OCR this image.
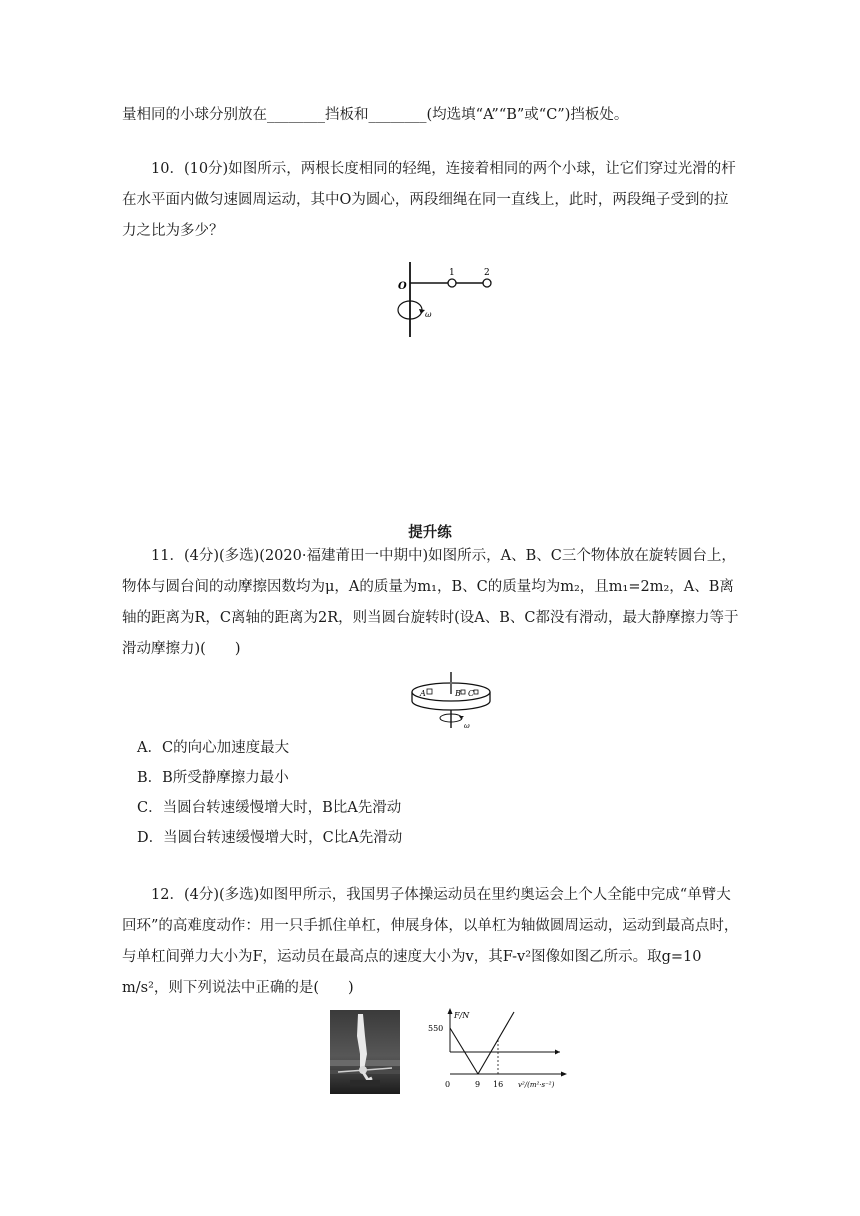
量相同的小球分别放在________挡板和________(均选填“A”“B”或“C”)挡板处。

10．(10分)如图所示，两根长度相同的轻绳，连接着相同的两个小球，让它们穿过光滑的杆在水平面内做匀速圆周运动，其中O为圆心，两段细绳在同一直线上，此时，两段绳子受到的拉力之比为多少？

O
1	2
ω
提升练

11．(4分)(多选)(2020·福建莆田一中期中)如图所示，A、B、C三个物体放在旋转圆台上，物体与圆台间的动摩擦因数均为μ，A的质量为m₁，B、C的质量均为m₂，且m₁=2m₂，A、B离轴的距离为R，C离轴的距离为2R，则当圆台旋转时(设A、B、C都没有滑动，最大静摩擦力等于滑动摩擦力)(　　)

A	B C
ω
A．C的向心加速度最大
B．B所受静摩擦力最小
C．当圆台转速缓慢增大时，B比A先滑动
D．当圆台转速缓慢增大时，C比A先滑动

12．(4分)(多选)如图甲所示，我国男子体操运动员在里约奥运会上个人全能中完成“单臂大回环”的高难度动作：用一只手抓住单杠，伸展身体，以单杠为轴做圆周运动，运动到最高点时，与单杠间弹力大小为F，运动员在最高点的速度大小为v，其F-v²图像如图乙所示。取g=10 m/s²，则下列说法中正确的是(　　)

F/N
550
0	9 16 v²/(m²·s⁻²)
